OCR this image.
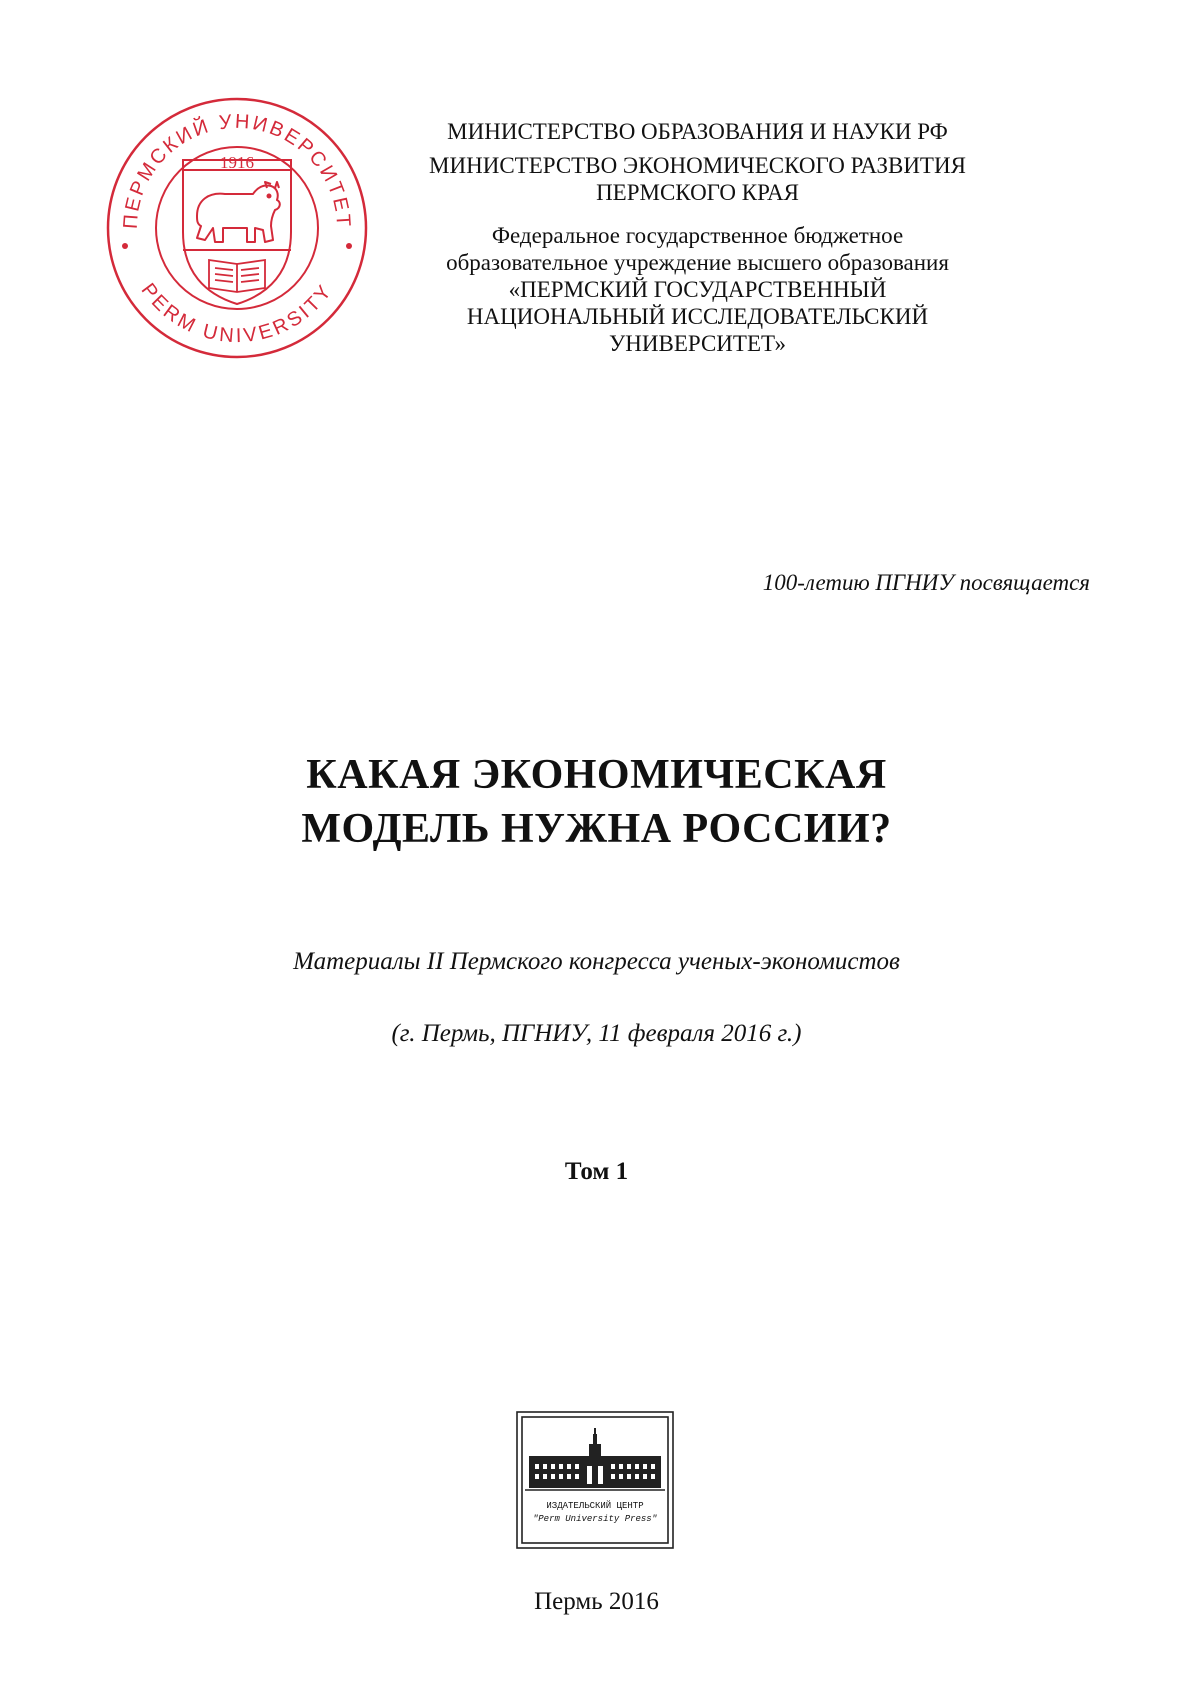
ПЕРМСКИЙ УНИВЕРСИТЕТ
PERM UNIVERSITY
1916
МИНИСТЕРСТВО ОБРАЗОВАНИЯ И НАУКИ РФ
МИНИСТЕРСТВО ЭКОНОМИЧЕСКОГО РАЗВИТИЯ
ПЕРМСКОГО КРАЯ
Федеральное государственное бюджетное
образовательное учреждение высшего образования
«ПЕРМСКИЙ ГОСУДАРСТВЕННЫЙ
НАЦИОНАЛЬНЫЙ ИССЛЕДОВАТЕЛЬСКИЙ
УНИВЕРСИТЕТ»
100-летию ПГНИУ посвящается
КАКАЯ ЭКОНОМИЧЕСКАЯ
МОДЕЛЬ НУЖНА РОССИИ?
Материалы II Пермского конгресса ученых-экономистов
(г. Пермь, ПГНИУ, 11 февраля 2016 г.)
Том 1
ИЗДАТЕЛЬСКИЙ ЦЕНТР
"Perm University Press"
Пермь 2016
